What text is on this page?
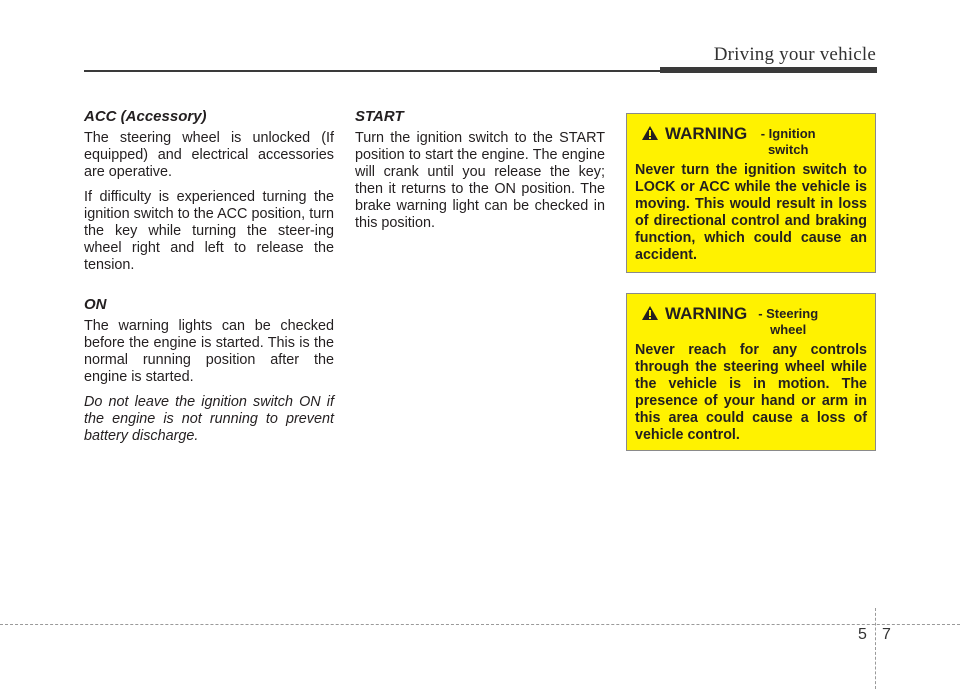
Driving your vehicle
ACC (Accessory)

The steering wheel is unlocked (If equipped) and electrical accessories are operative.

If difficulty is experienced turning the ignition switch to the ACC position, turn the key while turning the steer-ing wheel right and left to release the tension.

ON

The warning lights can be checked before the engine is started. This is the normal running position after the engine is started.

Do not leave the ignition switch ON if the engine is not running to prevent battery discharge.

START

Turn the ignition switch to the START position to start the engine. The engine will crank until you release the key; then it returns to the ON position. The brake warning light can be checked in this position.

WARNING	- Ignition switch
Never turn the ignition switch to LOCK or ACC while the vehicle is moving. This would result in loss of directional control and braking function, which could cause an accident.
WARNING - Steering wheel
Never reach for any controls through the steering wheel while the vehicle is in motion. The presence of your hand or arm in this area could cause a loss of vehicle control.
5 7
